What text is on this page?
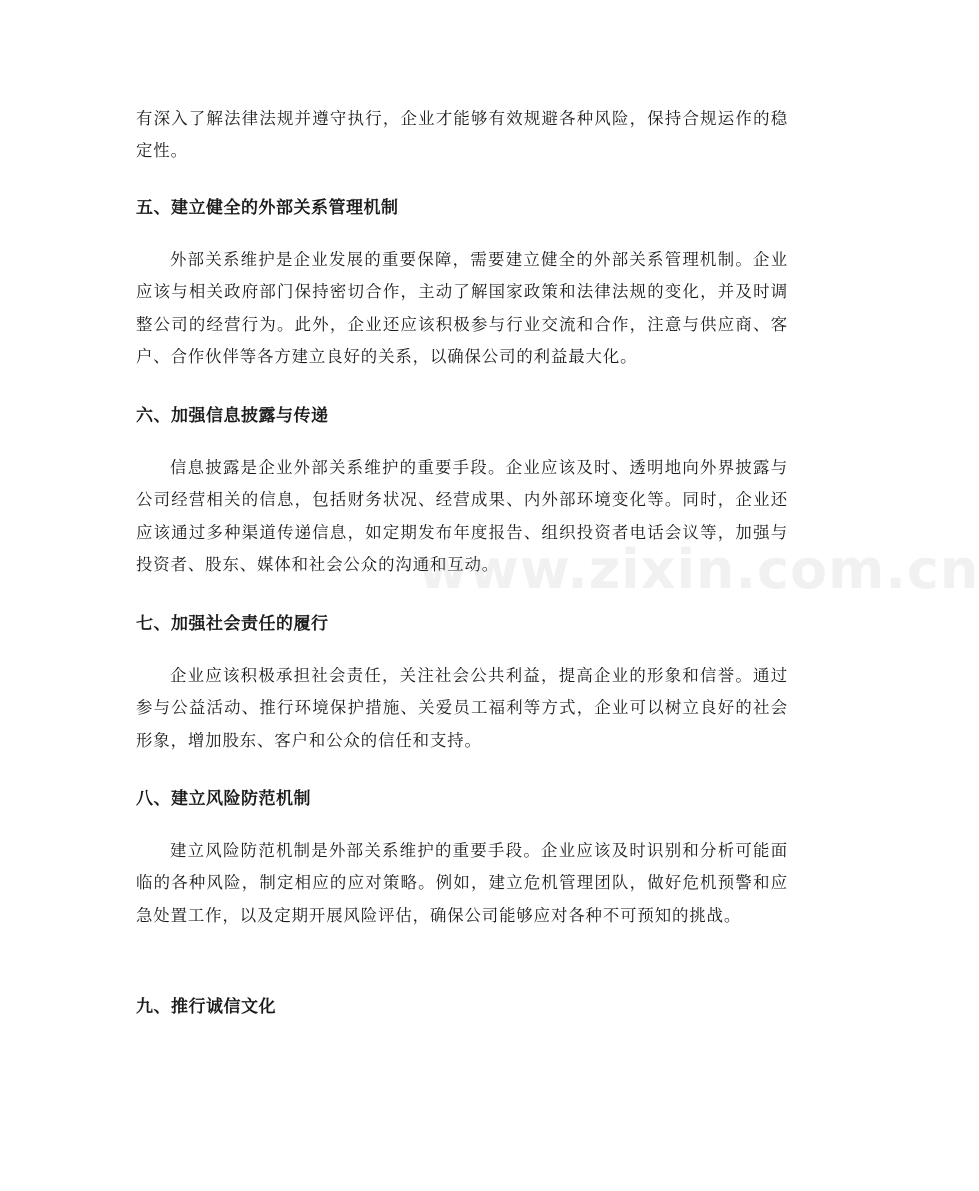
有深入了解法律法规并遵守执行，企业才能够有效规避各种风险，保持合规运作的稳定性。

五、建立健全的外部关系管理机制

外部关系维护是企业发展的重要保障，需要建立健全的外部关系管理机制。企业应该与相关政府部门保持密切合作，主动了解国家政策和法律法规的变化，并及时调整公司的经营行为。此外，企业还应该积极参与行业交流和合作，注意与供应商、客户、合作伙伴等各方建立良好的关系，以确保公司的利益最大化。

六、加强信息披露与传递

信息披露是企业外部关系维护的重要手段。企业应该及时、透明地向外界披露与公司经营相关的信息，包括财务状况、经营成果、内外部环境变化等。同时，企业还应该通过多种渠道传递信息，如定期发布年度报告、组织投资者电话会议等，加强与投资者、股东、媒体和社会公众的沟通和互动。

七、加强社会责任的履行

企业应该积极承担社会责任，关注社会公共利益，提高企业的形象和信誉。通过参与公益活动、推行环境保护措施、关爱员工福利等方式，企业可以树立良好的社会形象，增加股东、客户和公众的信任和支持。

八、建立风险防范机制

建立风险防范机制是外部关系维护的重要手段。企业应该及时识别和分析可能面临的各种风险，制定相应的应对策略。例如，建立危机管理团队，做好危机预警和应急处置工作，以及定期开展风险评估，确保公司能够应对各种不可预知的挑战。

九、推行诚信文化
www.zixin.com.cn
